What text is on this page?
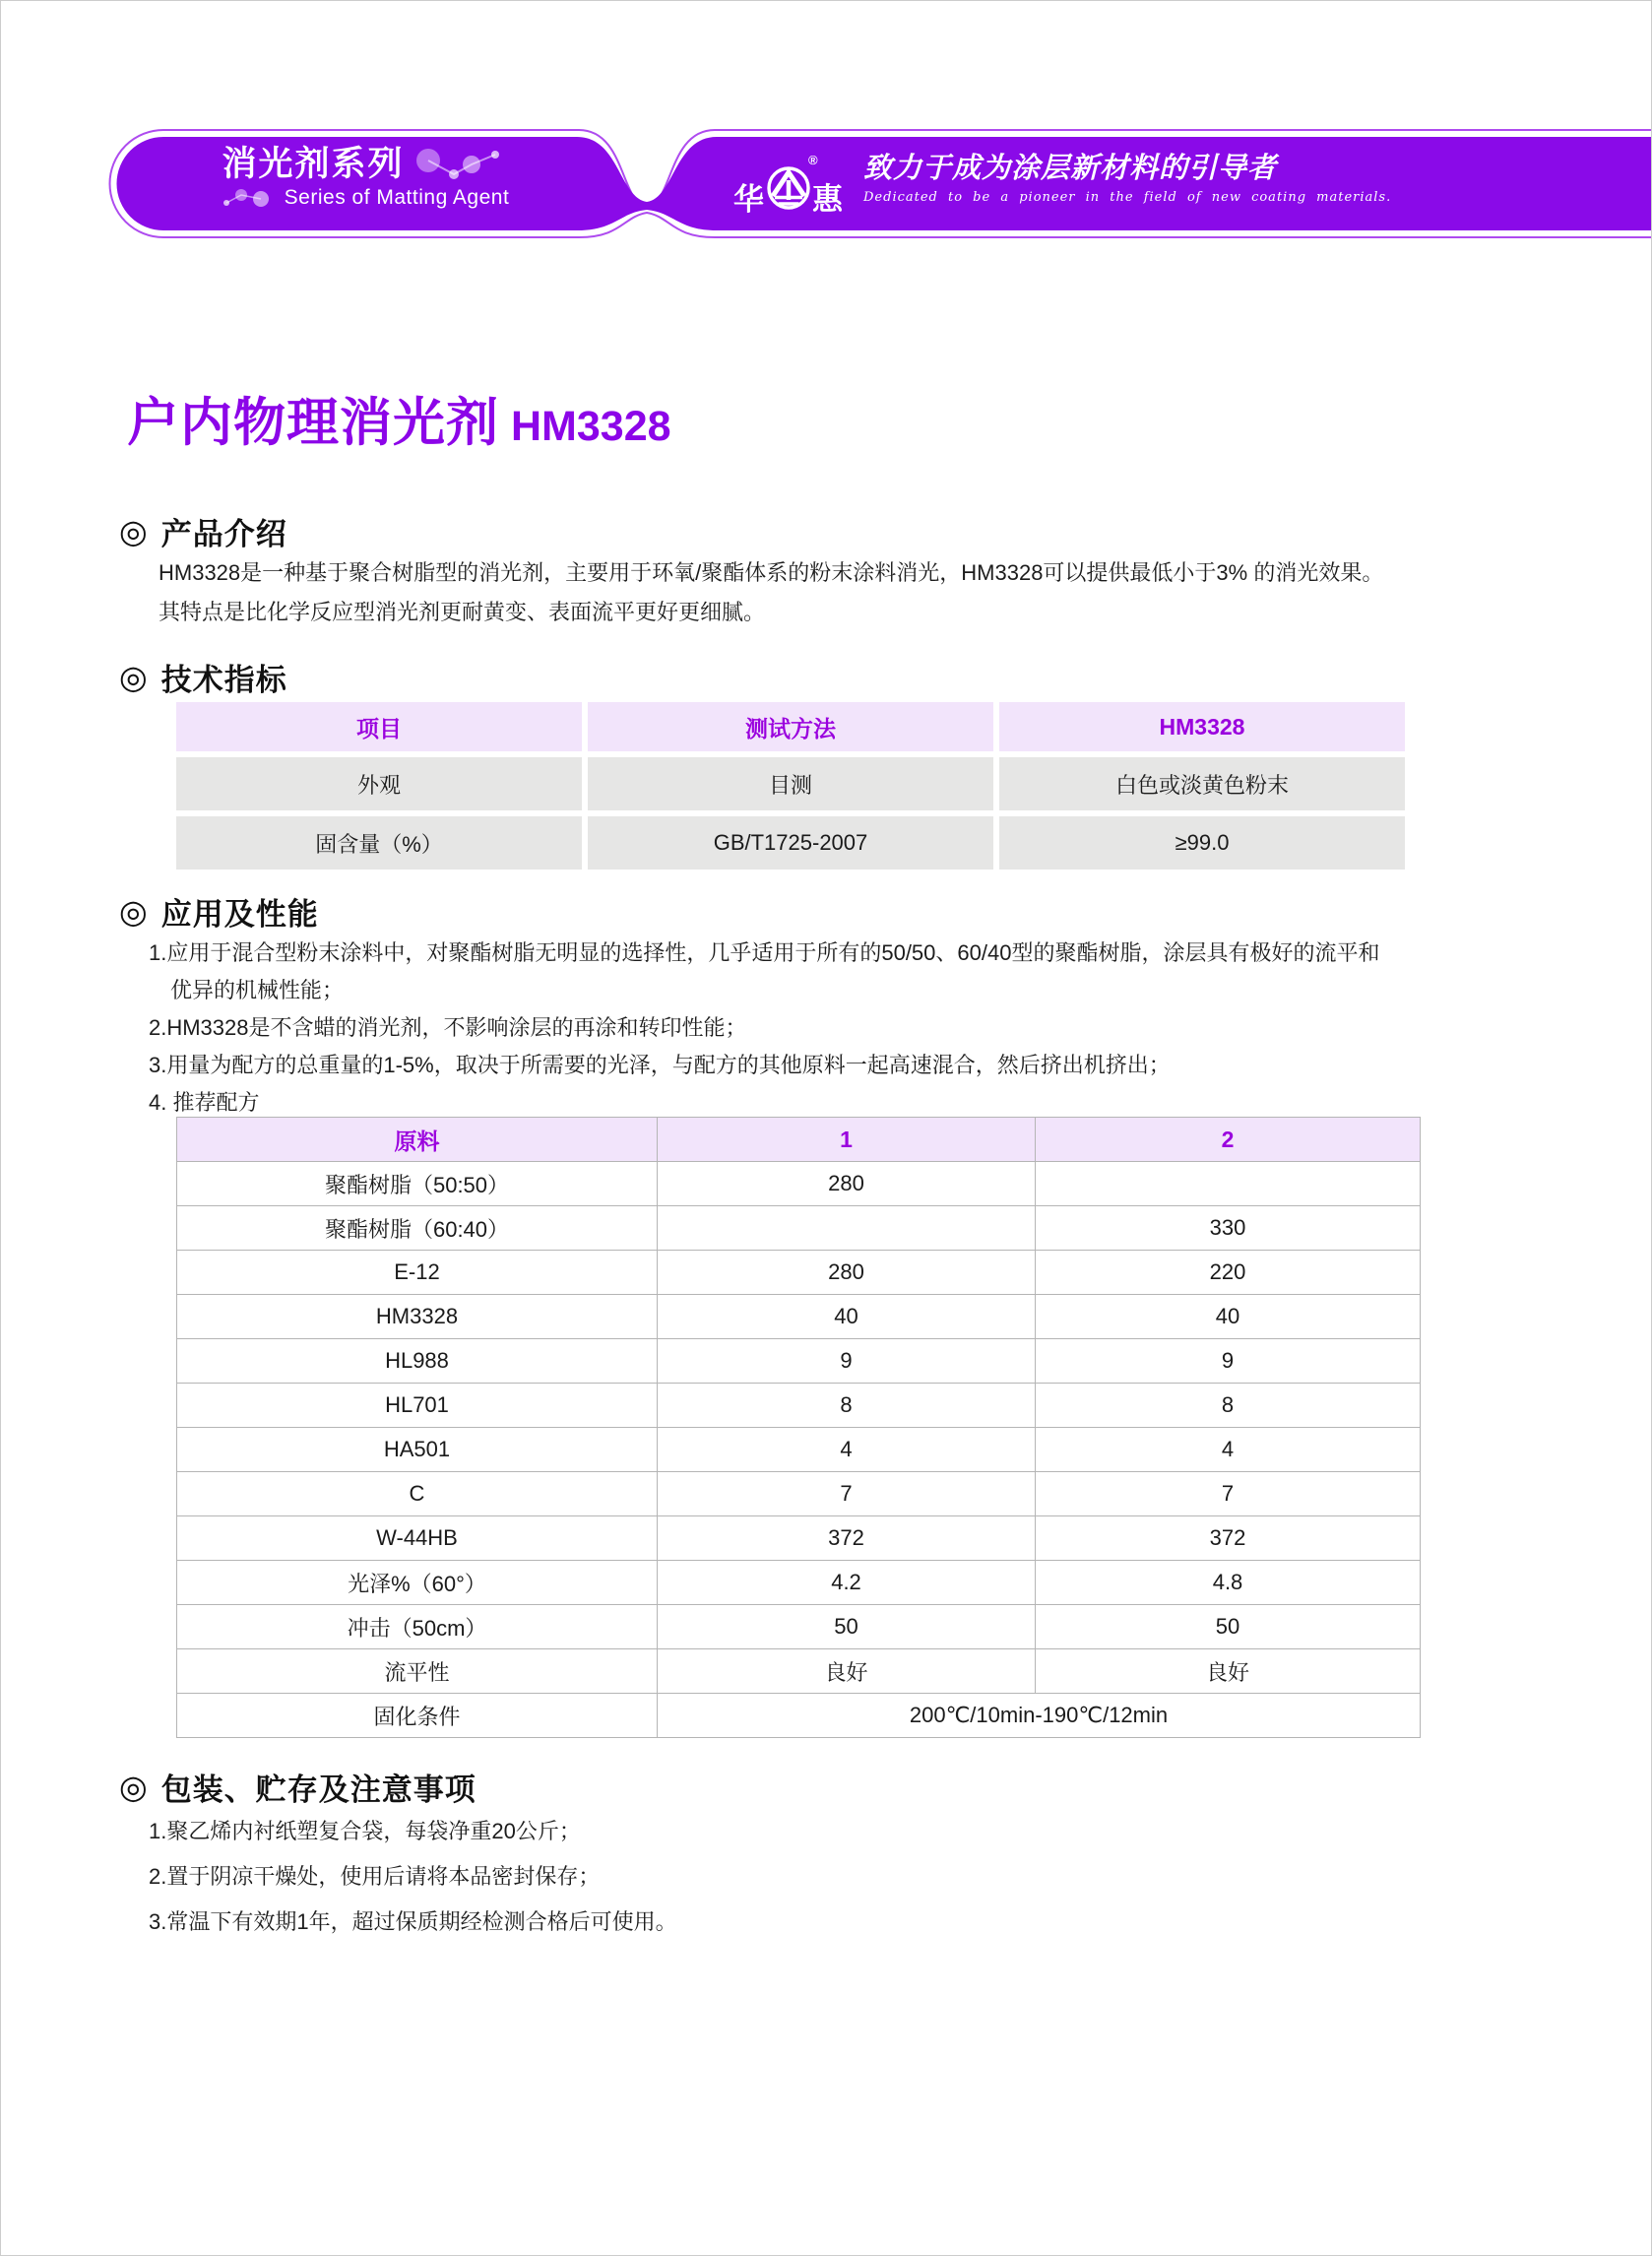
消光剂系列
Series of Matting Agent	华
®
惠
致力于成为涂层新材料的引导者
Dedicated to be a pioneer in the field of new coating materials.
户内物理消光剂 HM3328
◎ 产品介绍
HM3328是一种基于聚合树脂型的消光剂，主要用于环氧/聚酯体系的粉末涂料消光，HM3328可以提供最低小于3% 的消光效果。
其特点是比化学反应型消光剂更耐黄变、表面流平更好更细腻。
◎ 技术指标
项目	测试方法	HM3328
外观	目测	白色或淡黄色粉末
固含量（%）	GB/T1725-2007	≥99.0
◎ 应用及性能
1.应用于混合型粉末涂料中，对聚酯树脂无明显的选择性，几乎适用于所有的50/50、60/40型的聚酯树脂，涂层具有极好的流平和
　优异的机械性能；
2.HM3328是不含蜡的消光剂，不影响涂层的再涂和转印性能；
3.用量为配方的总重量的1-5%，取决于所需要的光泽，与配方的其他原料一起高速混合，然后挤出机挤出；
4. 推荐配方
原料	1	2
聚酯树脂（50:50）	280	
聚酯树脂（60:40）		330
E-12	280	220
HM3328	40	40
HL988	9	9
HL701	8	8
HA501	4	4
C	7	7
W-44HB	372	372
光泽%（60°）	4.2	4.8
冲击（50cm）	50	50
流平性	良好	良好
固化条件	200℃/10min-190℃/12min	
◎ 包装、贮存及注意事项
1.聚乙烯内衬纸塑复合袋，每袋净重20公斤；
2.置于阴凉干燥处，使用后请将本品密封保存；
3.常温下有效期1年，超过保质期经检测合格后可使用。
